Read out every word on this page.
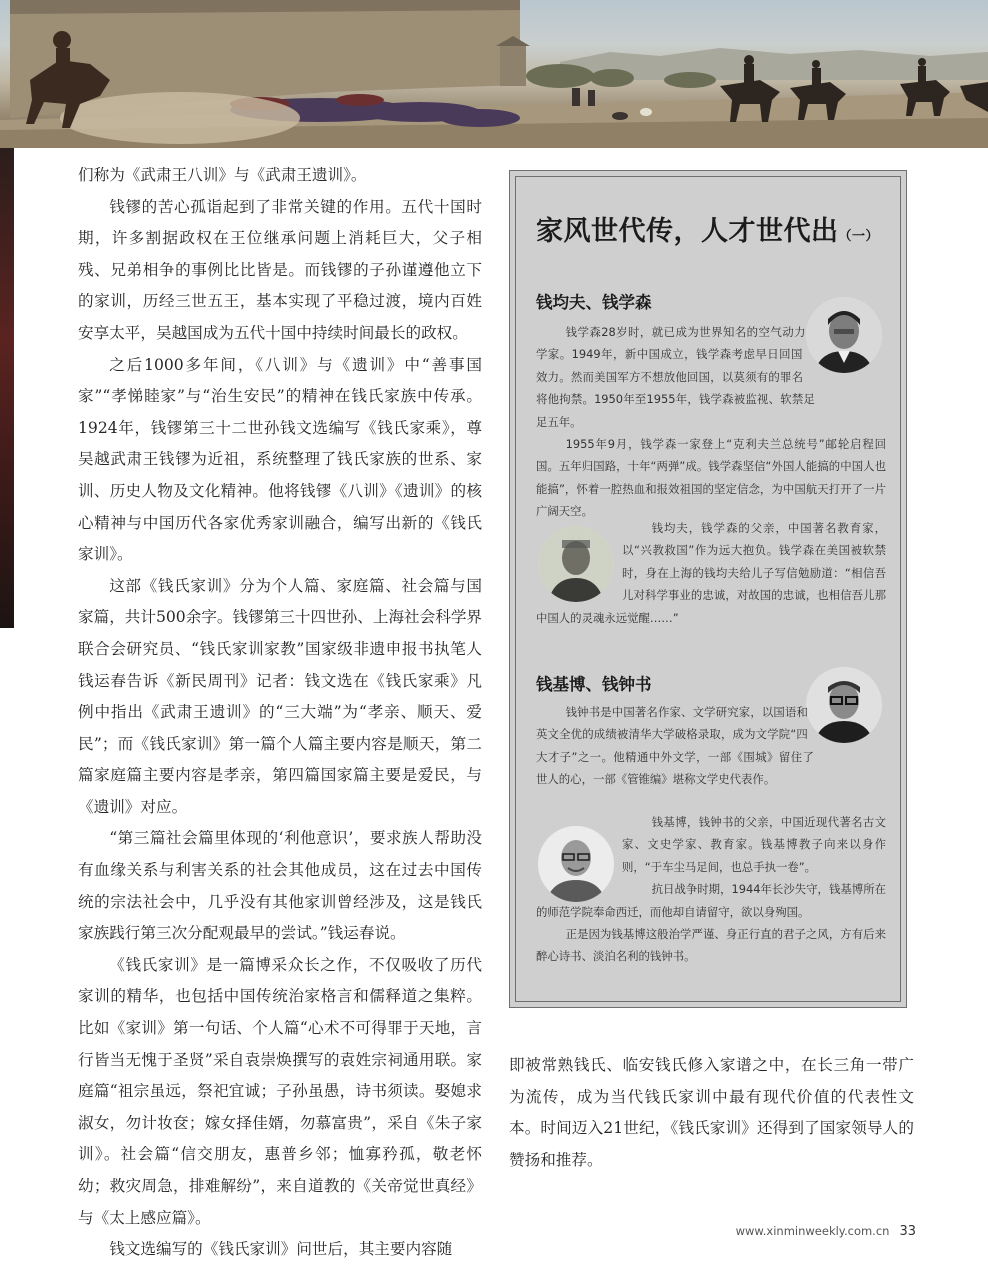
们称为《武肃王八训》与《武肃王遗训》。

钱镠的苦心孤诣起到了非常关键的作用。五代十国时期，许多割据政权在王位继承问题上消耗巨大，父子相残、兄弟相争的事例比比皆是。而钱镠的子孙谨遵他立下的家训，历经三世五王，基本实现了平稳过渡，境内百姓安享太平，吴越国成为五代十国中持续时间最长的政权。

之后1000多年间，《八训》与《遗训》中“善事国家”“孝悌睦家”与“治生安民”的精神在钱氏家族中传承。1924年，钱镠第三十二世孙钱文选编写《钱氏家乘》，尊吴越武肃王钱镠为近祖，系统整理了钱氏家族的世系、家训、历史人物及文化精神。他将钱镠《八训》《遗训》的核心精神与中国历代各家优秀家训融合，编写出新的《钱氏家训》。

这部《钱氏家训》分为个人篇、家庭篇、社会篇与国家篇，共计500余字。钱镠第三十四世孙、上海社会科学界联合会研究员、“钱氏家训家教”国家级非遗申报书执笔人钱运春告诉《新民周刊》记者：钱文选在《钱氏家乘》凡例中指出《武肃王遗训》的“三大端”为“孝亲、顺天、爱民”；而《钱氏家训》第一篇个人篇主要内容是顺天，第二篇家庭篇主要内容是孝亲，第四篇国家篇主要是爱民，与《遗训》对应。

“第三篇社会篇里体现的‘利他意识’，要求族人帮助没有血缘关系与利害关系的社会其他成员，这在过去中国传统的宗法社会中，几乎没有其他家训曾经涉及，这是钱氏家族践行第三次分配观最早的尝试。”钱运春说。

《钱氏家训》是一篇博采众长之作，不仅吸收了历代家训的精华，也包括中国传统治家格言和儒释道之集粹。比如《家训》第一句话、个人篇“心术不可得罪于天地，言行皆当无愧于圣贤”采自袁崇焕撰写的袁姓宗祠通用联。家庭篇“祖宗虽远，祭祀宜诚；子孙虽愚，诗书须读。娶媳求淑女，勿计妆奁；嫁女择佳婿，勿慕富贵”，采自《朱子家训》。社会篇“信交朋友，惠普乡邻；恤寡矜孤，敬老怀幼；救灾周急，排难解纷”，来自道教的《关帝觉世真经》与《太上感应篇》。

钱文选编写的《钱氏家训》问世后，其主要内容随

家风世代传，人才世代出（一）
钱均夫、钱学森

钱学森28岁时，就已成为世界知名的空气动力学家。1949年，新中国成立，钱学森考虑早日回国效力。然而美国军方不想放他回国，以莫须有的罪名将他拘禁。1950年至1955年，钱学森被监视、软禁足足五年。

1955年9月，钱学森一家登上“克利夫兰总统号”邮轮启程回国。五年归国路，十年“两弹”成。钱学森坚信“外国人能搞的中国人也能搞”，怀着一腔热血和报效祖国的坚定信念，为中国航天打开了一片广阔天空。

钱均夫，钱学森的父亲，中国著名教育家，以“兴教救国”作为远大抱负。钱学森在美国被软禁时，身在上海的钱均夫给儿子写信勉励道：“相信吾儿对科学事业的忠诚，对故国的忠诚，也相信吾儿那中国人的灵魂永远觉醒……”

钱基博、钱钟书

钱钟书是中国著名作家、文学研究家，以国语和英文全优的成绩被清华大学破格录取，成为文学院“四大才子”之一。他精通中外文学，一部《围城》留住了世人的心，一部《管锥编》堪称文学史代表作。

钱基博，钱钟书的父亲，中国近现代著名古文家、文史学家、教育家。钱基博教子向来以身作则，“于车尘马足间，也总手执一卷”。

抗日战争时期，1944年长沙失守，钱基博所在的师范学院奉命西迁，而他却自请留守，欲以身殉国。

正是因为钱基博这般治学严谨、身正行直的君子之风，方有后来醉心诗书、淡泊名利的钱钟书。

即被常熟钱氏、临安钱氏修入家谱之中，在长三角一带广为流传，成为当代钱氏家训中最有现代价值的代表性文本。时间迈入21世纪，《钱氏家训》还得到了国家领导人的赞扬和推荐。

www.xinminweekly.com.cn 33
